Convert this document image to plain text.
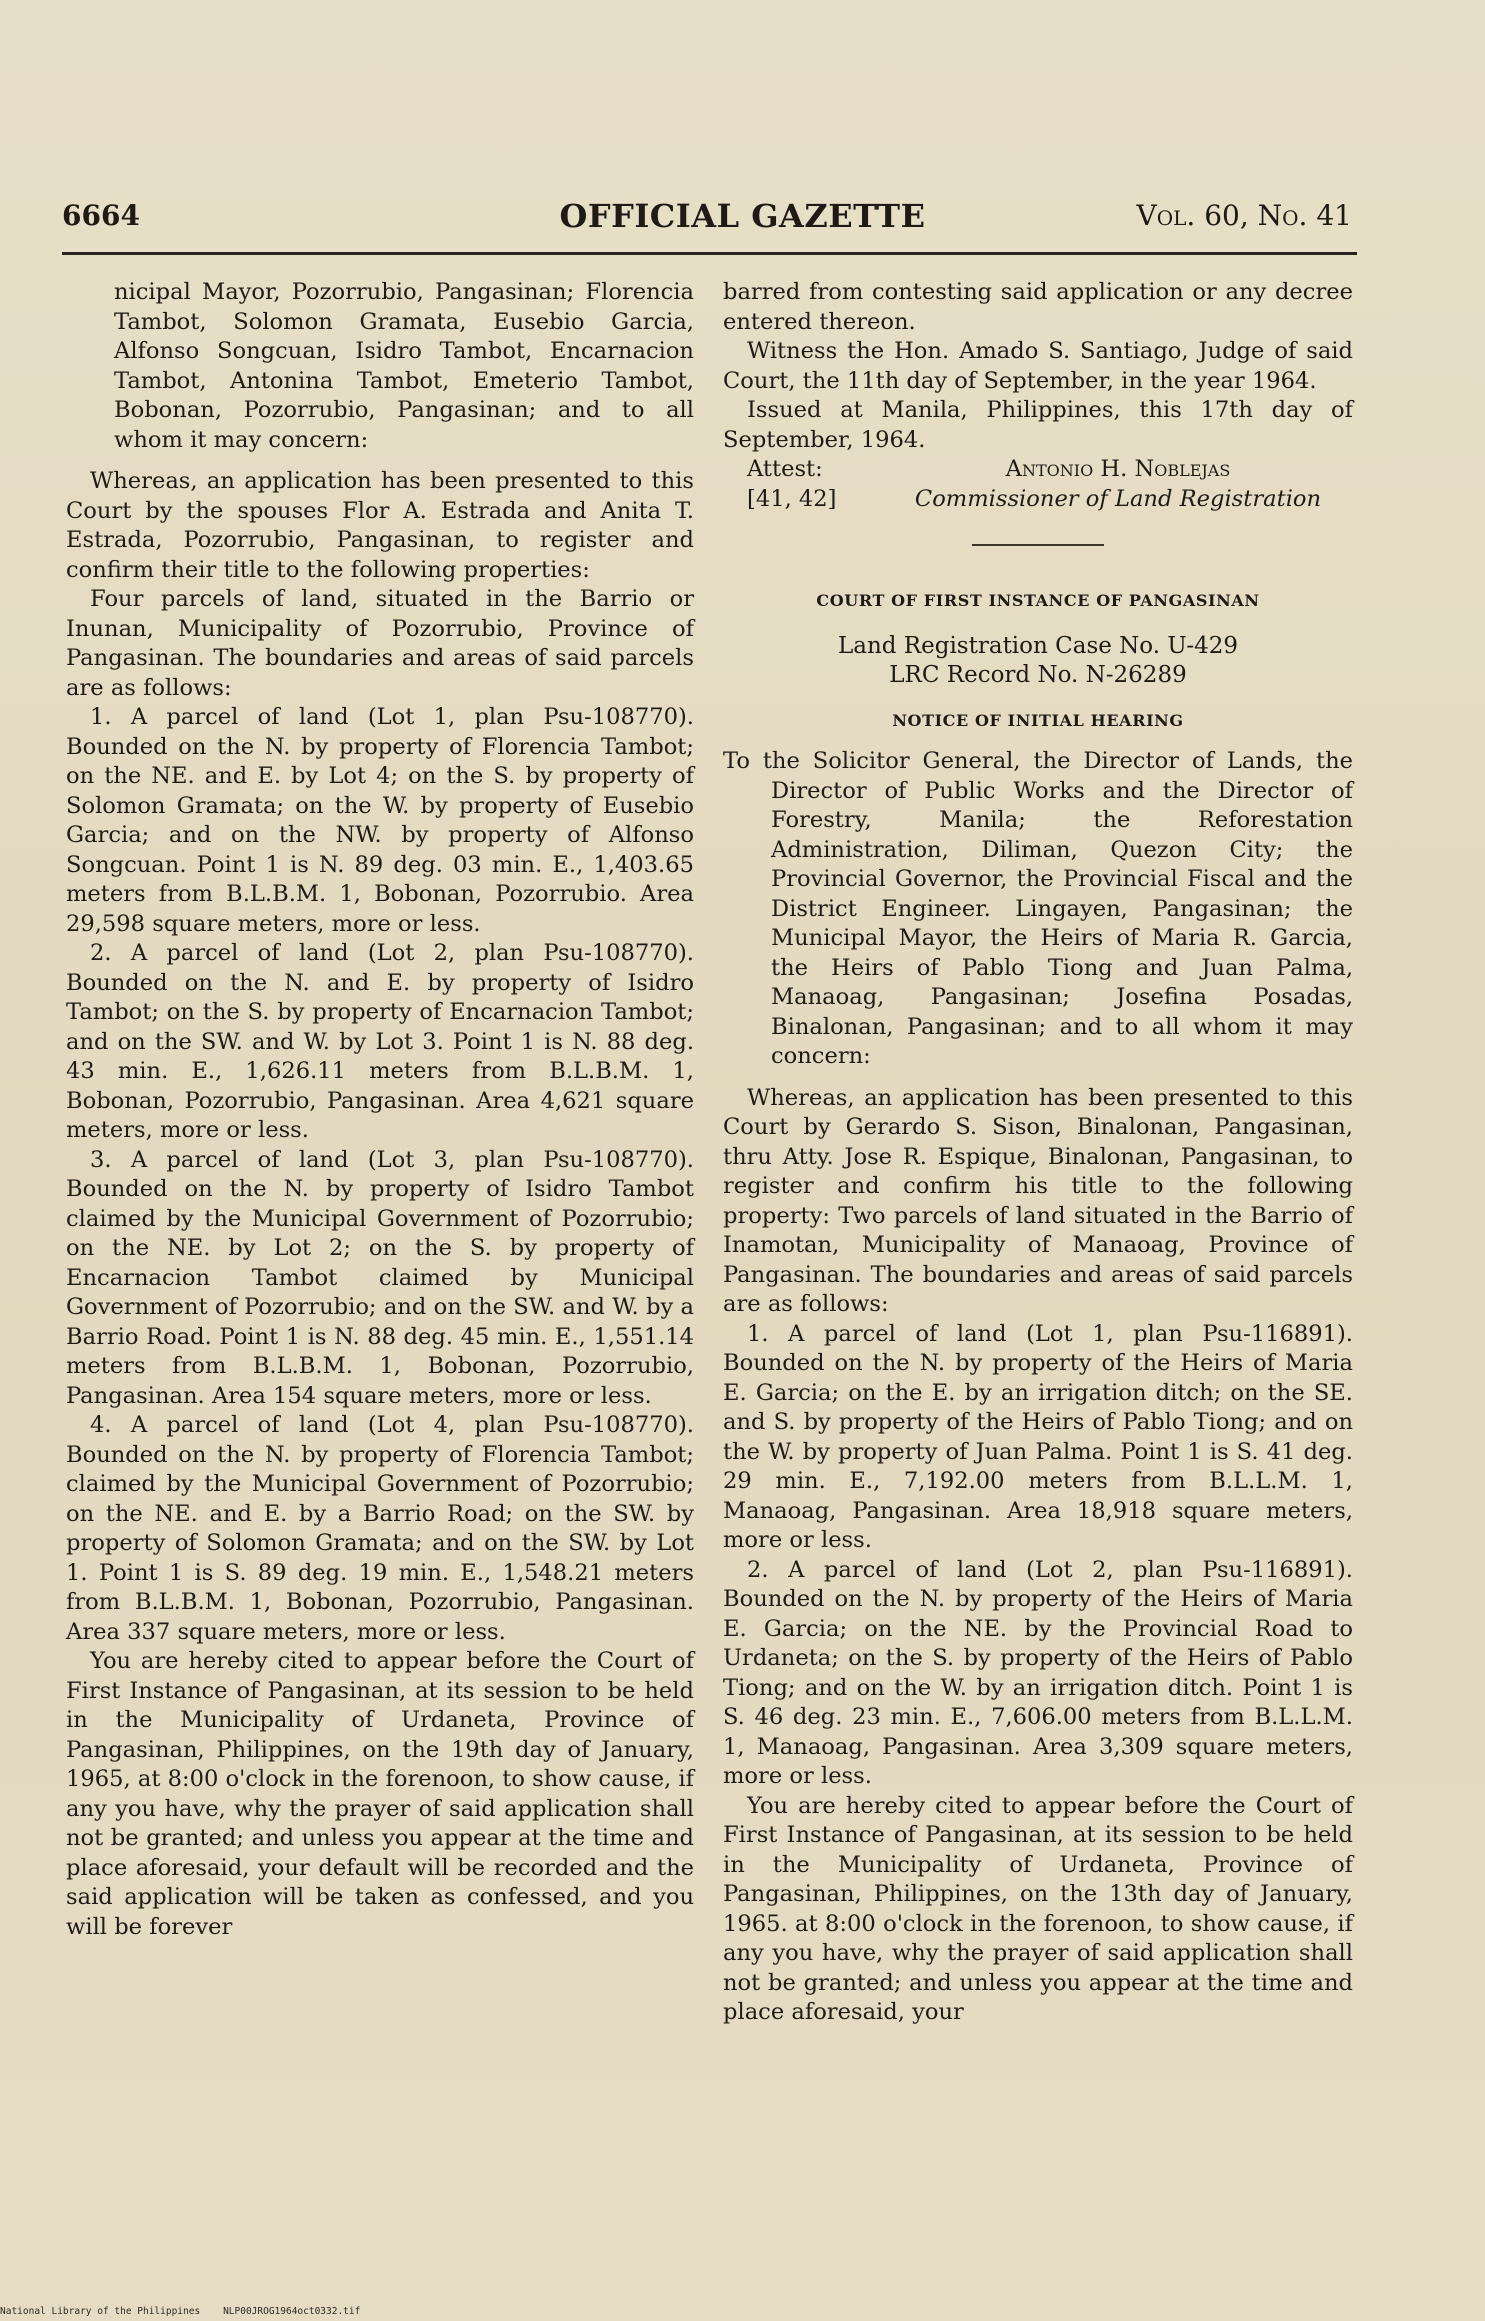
6664	OFFICIAL GAZETTE	Vol. 60, No. 41

nicipal Mayor, Pozorrubio, Pangasinan; Florencia Tambot, Solomon Gramata, Eusebio Garcia, Alfonso Songcuan, Isidro Tambot, Encarnacion Tambot, Antonina Tambot, Emeterio Tambot, Bobonan, Pozorrubio, Pangasinan; and to all whom it may concern:

Whereas, an application has been presented to this Court by the spouses Flor A. Estrada and Anita T. Estrada, Pozorrubio, Pangasinan, to register and confirm their title to the following properties:

Four parcels of land, situated in the Barrio or Inunan, Municipality of Pozorrubio, Province of Pangasinan. The boundaries and areas of said parcels are as follows:

1. A parcel of land (Lot 1, plan Psu-108770). Bounded on the N. by property of Florencia Tambot; on the NE. and E. by Lot 4; on the S. by property of Solomon Gramata; on the W. by property of Eusebio Garcia; and on the NW. by property of Alfonso Songcuan. Point 1 is N. 89 deg. 03 min. E., 1,403.65 meters from B.L.B.M. 1, Bobonan, Pozorrubio. Area 29,598 square meters, more or less.

2. A parcel of land (Lot 2, plan Psu-108770). Bounded on the N. and E. by property of Isidro Tambot; on the S. by property of Encarnacion Tambot; and on the SW. and W. by Lot 3. Point 1 is N. 88 deg. 43 min. E., 1,626.11 meters from B.L.B.M. 1, Bobonan, Pozorrubio, Pangasinan. Area 4,621 square meters, more or less.

3. A parcel of land (Lot 3, plan Psu-108770). Bounded on the N. by property of Isidro Tambot claimed by the Municipal Government of Pozorrubio; on the NE. by Lot 2; on the S. by property of Encarnacion Tambot claimed by Municipal Government of Pozorrubio; and on the SW. and W. by a Barrio Road. Point 1 is N. 88 deg. 45 min. E., 1,551.14 meters from B.L.B.M. 1, Bobonan, Pozorrubio, Pangasinan. Area 154 square meters, more or less.

4. A parcel of land (Lot 4, plan Psu-108770). Bounded on the N. by property of Florencia Tambot; claimed by the Municipal Government of Pozorrubio; on the NE. and E. by a Barrio Road; on the SW. by property of Solomon Gramata; and on the SW. by Lot 1. Point 1 is S. 89 deg. 19 min. E., 1,548.21 meters from B.L.B.M. 1, Bobonan, Pozorrubio, Pangasinan. Area 337 square meters, more or less.

You are hereby cited to appear before the Court of First Instance of Pangasinan, at its session to be held in the Municipality of Urdaneta, Province of Pangasinan, Philippines, on the 19th day of January, 1965, at 8:00 o'clock in the forenoon, to show cause, if any you have, why the prayer of said application shall not be granted; and unless you appear at the time and place aforesaid, your default will be recorded and the said application will be taken as confessed, and you will be forever

barred from contesting said application or any decree entered thereon.

Witness the Hon. Amado S. Santiago, Judge of said Court, the 11th day of September, in the year 1964.

Issued at Manila, Philippines, this 17th day of September, 1964.

Attest:	Antonio H. Noblejas
[41, 42]	Commissioner of Land Registration
COURT OF FIRST INSTANCE OF PANGASINAN
Land Registration Case No. U-429
LRC Record No. N-26289
NOTICE OF INITIAL HEARING

To the Solicitor General, the Director of Lands, the Director of Public Works and the Director of Forestry, Manila; the Reforestation Administration, Diliman, Quezon City; the Provincial Governor, the Provincial Fiscal and the District Engineer. Lingayen, Pangasinan; the Municipal Mayor, the Heirs of Maria R. Garcia, the Heirs of Pablo Tiong and Juan Palma, Manaoag, Pangasinan; Josefina Posadas, Binalonan, Pangasinan; and to all whom it may concern:

Whereas, an application has been presented to this Court by Gerardo S. Sison, Binalonan, Pangasinan, thru Atty. Jose R. Espique, Binalonan, Pangasinan, to register and confirm his title to the following property: Two parcels of land situated in the Barrio of Inamotan, Municipality of Manaoag, Province of Pangasinan. The boundaries and areas of said parcels are as follows:

1. A parcel of land (Lot 1, plan Psu-116891). Bounded on the N. by property of the Heirs of Maria E. Garcia; on the E. by an irrigation ditch; on the SE. and S. by property of the Heirs of Pablo Tiong; and on the W. by property of Juan Palma. Point 1 is S. 41 deg. 29 min. E., 7,192.00 meters from B.L.L.M. 1, Manaoag, Pangasinan. Area 18,918 square meters, more or less.

2. A parcel of land (Lot 2, plan Psu-116891). Bounded on the N. by property of the Heirs of Maria E. Garcia; on the NE. by the Provincial Road to Urdaneta; on the S. by property of the Heirs of Pablo Tiong; and on the W. by an irrigation ditch. Point 1 is S. 46 deg. 23 min. E., 7,606.00 meters from B.L.L.M. 1, Manaoag, Pangasinan. Area 3,309 square meters, more or less.

You are hereby cited to appear before the Court of First Instance of Pangasinan, at its session to be held in the Municipality of Urdaneta, Province of Pangasinan, Philippines, on the 13th day of January, 1965. at 8:00 o'clock in the forenoon, to show cause, if any you have, why the prayer of said application shall not be granted; and unless you appear at the time and place aforesaid, your

National Library of the Philippines NLP00JROG1964oct0332.tif
